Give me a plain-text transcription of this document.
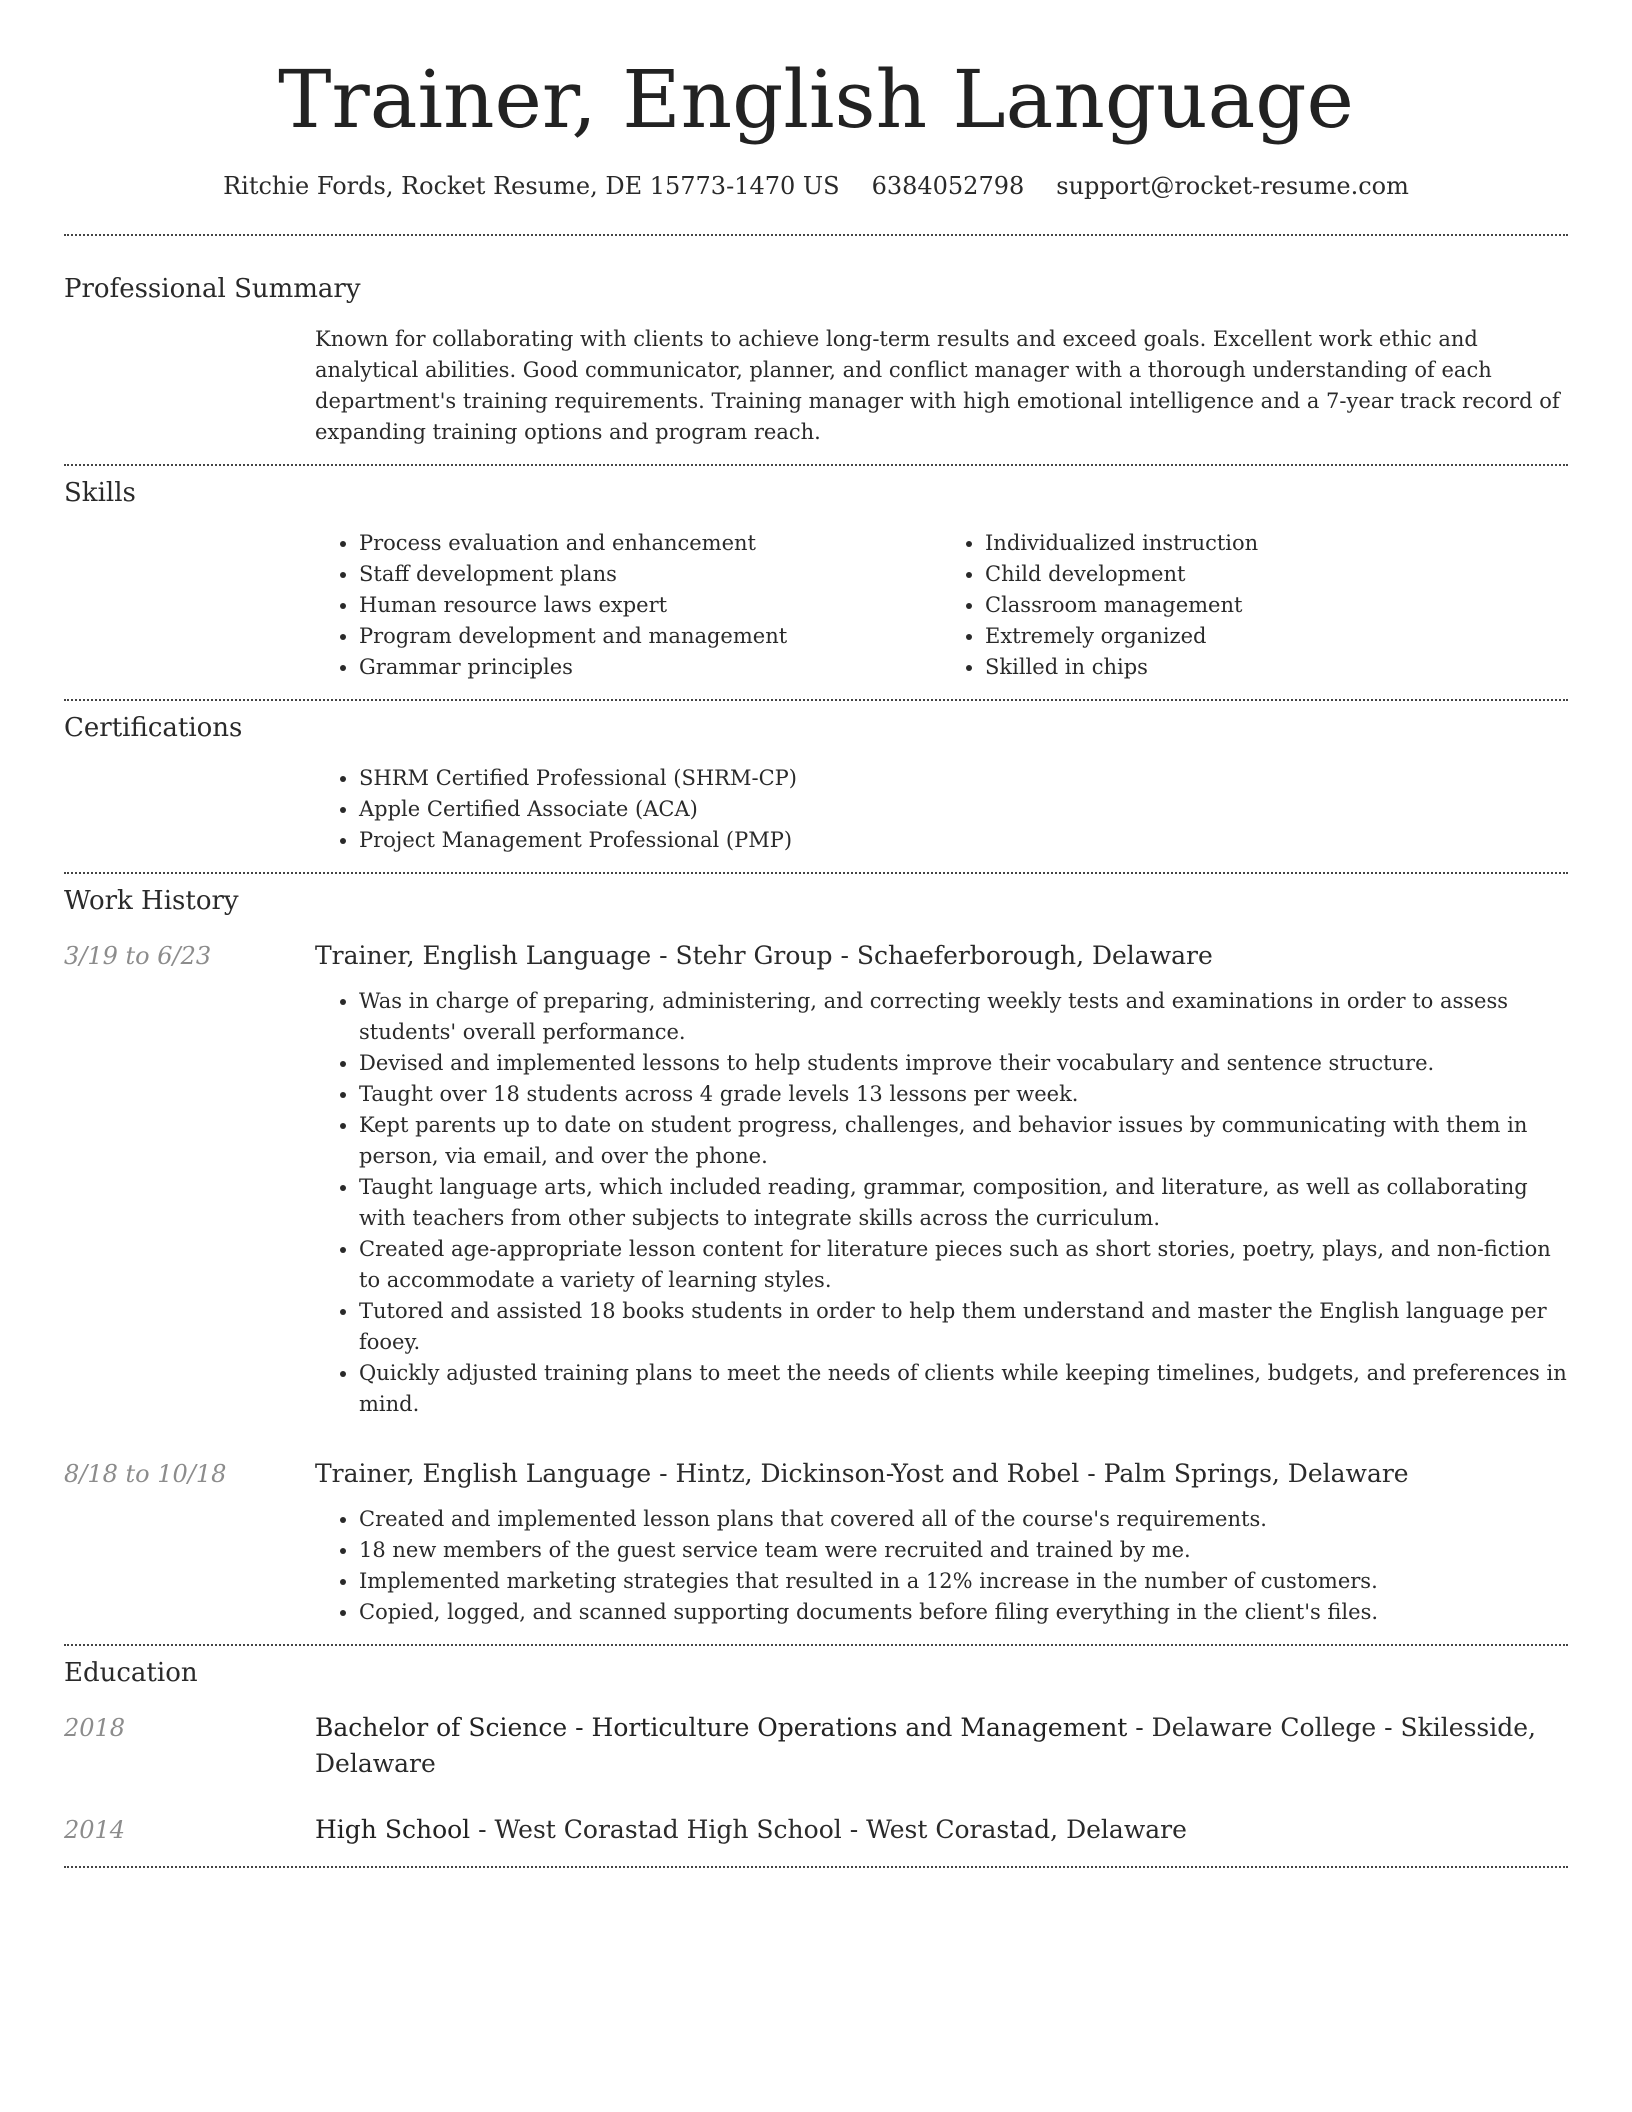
Trainer, English Language
Ritchie Fords, Rocket Resume, DE 15773-1470 US 6384052798 support@rocket-resume.com
Professional Summary
Known for collaborating with clients to achieve long-term results and exceed goals. Excellent work ethic and analytical abilities. Good communicator, planner, and conflict manager with a thorough understanding of each department's training requirements. Training manager with high emotional intelligence and a 7-year track record of expanding training options and program reach.
Skills
• Process evaluation and enhancement
• Staff development plans
• Human resource laws expert
• Program development and management
• Grammar principles
• Individualized instruction
• Child development
• Classroom management
• Extremely organized
• Skilled in chips
Certifications
• SHRM Certified Professional (SHRM-CP)
• Apple Certified Associate (ACA)
• Project Management Professional (PMP)
Work History
3/19 to 6/23	Trainer, English Language - Stehr Group - Schaeferborough, Delaware
• Was in charge of preparing, administering, and correcting weekly tests and examinations in order to assess students' overall performance.
• Devised and implemented lessons to help students improve their vocabulary and sentence structure.
• Taught over 18 students across 4 grade levels 13 lessons per week.
• Kept parents up to date on student progress, challenges, and behavior issues by communicating with them in person, via email, and over the phone.
• Taught language arts, which included reading, grammar, composition, and literature, as well as collaborating with teachers from other subjects to integrate skills across the curriculum.
• Created age-appropriate lesson content for literature pieces such as short stories, poetry, plays, and non-fiction to accommodate a variety of learning styles.
• Tutored and assisted 18 books students in order to help them understand and master the English language per fooey.
• Quickly adjusted training plans to meet the needs of clients while keeping timelines, budgets, and preferences in mind.
8/18 to 10/18	Trainer, English Language - Hintz, Dickinson-Yost and Robel - Palm Springs, Delaware
• Created and implemented lesson plans that covered all of the course's requirements.
• 18 new members of the guest service team were recruited and trained by me.
• Implemented marketing strategies that resulted in a 12% increase in the number of customers.
• Copied, logged, and scanned supporting documents before filing everything in the client's files.
Education
2018	Bachelor of Science - Horticulture Operations and Management - Delaware College - Skilesside, Delaware
2014	High School - West Corastad High School - West Corastad, Delaware
